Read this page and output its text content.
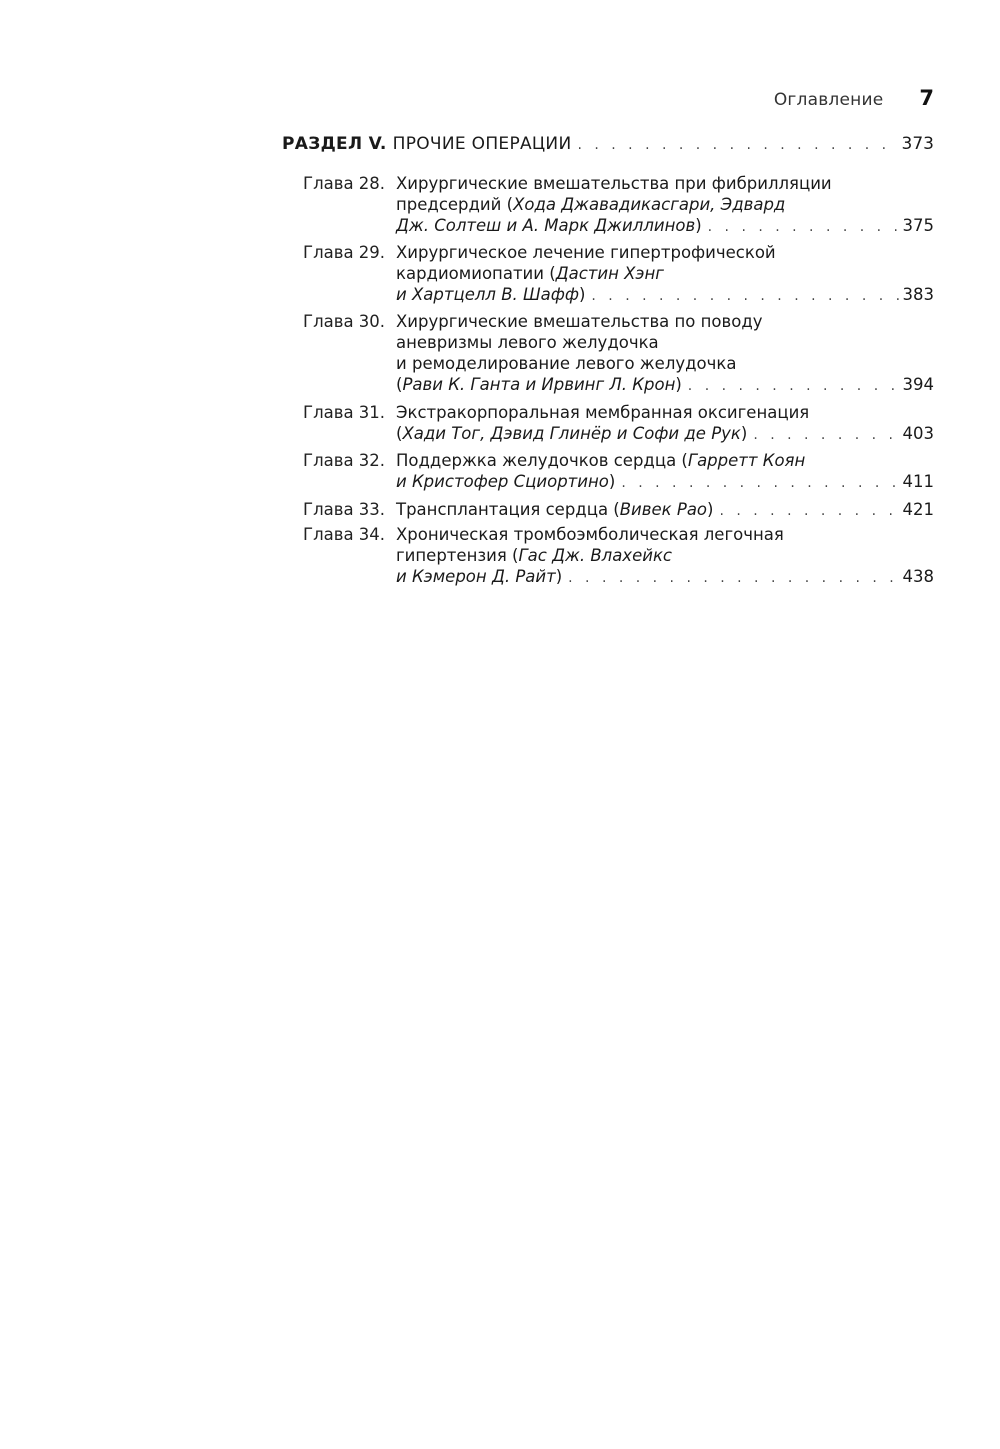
Оглавление 7
РАЗДЕЛ V. ПРОЧИЕ ОПЕРАЦИИ . . .	373
Глава 28. Хирургические вмешательства при фибрилляции
предсердий (Хода Джавадикасгари, Эдвард
Дж. Солтеш и А. Марк Джиллинов) . . .	375
Глава 29. Хирургическое лечение гипертрофической
кардиомиопатии (Дастин Хэнг
и Хартцелл В. Шафф) . . .	383
Глава 30. Хирургические вмешательства по поводу
аневризмы левого желудочка
и ремоделирование левого желудочка
(Рави К. Ганта и Ирвинг Л. Крон) . . .	394
Глава 31. Экстракорпоральная мембранная оксигенация
(Хади Тог, Дэвид Глинёр и Софи де Рук) . . .	403
Глава 32. Поддержка желудочков сердца (Гарретт Коян
и Кристофер Сциортино) . . .	411
Глава 33. Трансплантация сердца (Вивек Рао) . . .	421
Глава 34. Хроническая тромбоэмболическая легочная
гипертензия (Гас Дж. Влахейкс
и Кэмерон Д. Райт) . . .	438
